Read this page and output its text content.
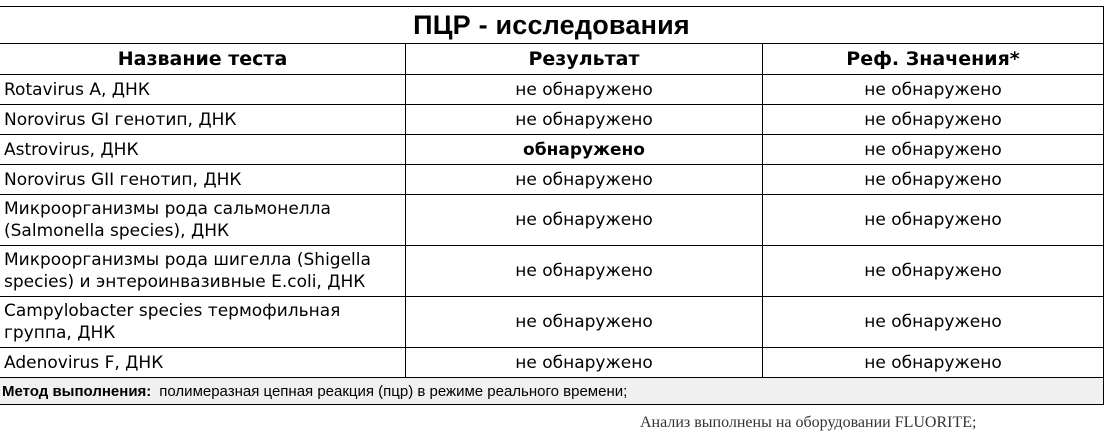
ПЦР - исследования		
Название теста	Результат	Реф. Значения*
Rotavirus A, ДНК	не обнаружено	не обнаружено
Norovirus GI генотип, ДНК	не обнаружено	не обнаружено
Astrovirus, ДНК	обнаружено	не обнаружено
Norovirus GII генотип, ДНК	не обнаружено	не обнаружено

Микроорганизмы рода сальмонелла
(Salmonella species), ДНК	не обнаружено	не обнаружено

Микроорганизмы рода шигелла (Shigella
species) и энтероинвазивные E.coli, ДНК	не обнаружено	не обнаружено

Campylobacter species термофильная
группа, ДНК	не обнаружено	не обнаружено
Adenovirus F, ДНК	не обнаружено	не обнаружено
Метод выполнения: полимеразная цепная реакция (пцр) в режиме реального времени;		
Анализ выполнены на оборудовании FLUORITE;
